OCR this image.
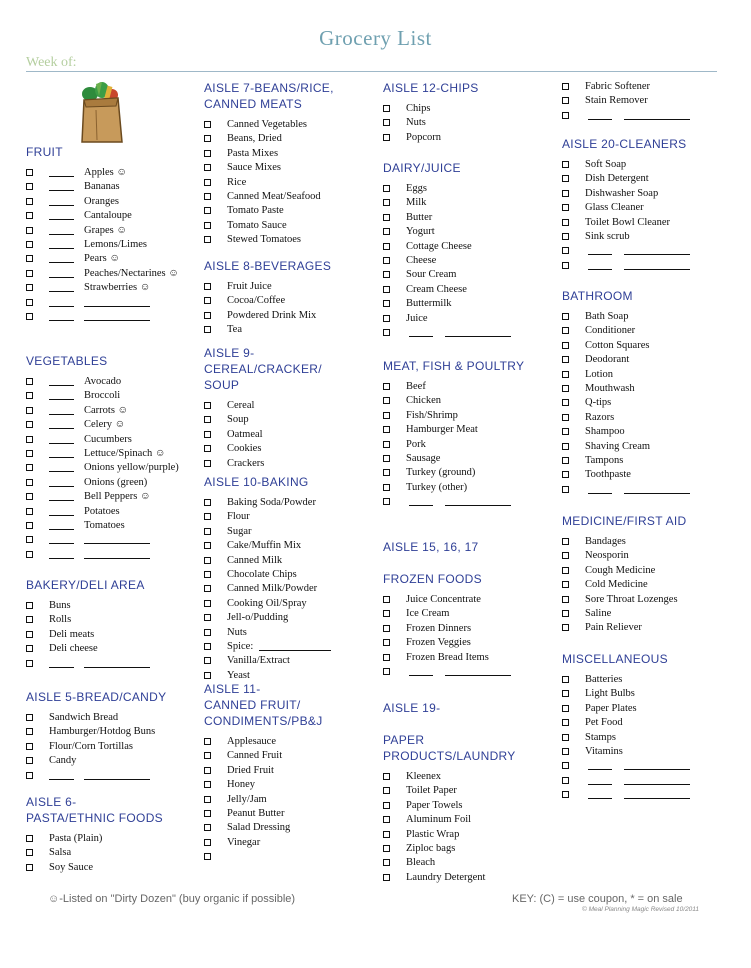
Grocery List
Week of:
FRUIT
Apples ☺
Bananas
Oranges
Cantaloupe
Grapes ☺
Lemons/Limes
Pears ☺
Peaches/Nectarines ☺
Strawberries ☺
VEGETABLES
Avocado
Broccoli
Carrots ☺
Celery ☺
Cucumbers
Lettuce/Spinach ☺
Onions yellow/purple)
Onions (green)
Bell Peppers ☺
Potatoes
Tomatoes
BAKERY/DELI AREA
Buns
Rolls
Deli meats
Deli cheese
AISLE 5-BREAD/CANDY
Sandwich Bread
Hamburger/Hotdog Buns
Flour/Corn Tortillas
Candy
AISLE 6-
PASTA/ETHNIC FOODS
Pasta (Plain)
Salsa
Soy Sauce
AISLE 7-BEANS/RICE,
CANNED MEATS
Canned Vegetables
Beans, Dried
Pasta Mixes
Sauce Mixes
Rice
Canned Meat/Seafood
Tomato Paste
Tomato Sauce
Stewed Tomatoes
AISLE 8-BEVERAGES
Fruit Juice
Cocoa/Coffee
Powdered Drink Mix
Tea
AISLE 9-
CEREAL/CRACKER/
SOUP
Cereal
Soup
Oatmeal
Cookies
Crackers
AISLE 10-BAKING
Baking Soda/Powder
Flour
Sugar
Cake/Muffin Mix
Canned Milk
Chocolate Chips
Canned Milk/Powder
Cooking Oil/Spray
Jell-o/Pudding
Nuts
Spice:
Vanilla/Extract
Yeast
AISLE 11-
CANNED FRUIT/
CONDIMENTS/PB&J
Applesauce
Canned Fruit
Dried Fruit
Honey
Jelly/Jam
Peanut Butter
Salad Dressing
Vinegar
AISLE 12-CHIPS
Chips
Nuts
Popcorn
DAIRY/JUICE
Eggs
Milk
Butter
Yogurt
Cottage Cheese
Cheese
Sour Cream
Cream Cheese
Buttermilk
Juice
MEAT, FISH & POULTRY
Beef
Chicken
Fish/Shrimp
Hamburger Meat
Pork
Sausage
Turkey (ground)
Turkey (other)
AISLE 15, 16, 17
FROZEN FOODS
Juice Concentrate
Ice Cream
Frozen Dinners
Frozen Veggies
Frozen Bread Items
AISLE 19-
PAPER
PRODUCTS/LAUNDRY
Kleenex
Toilet Paper
Paper Towels
Aluminum Foil
Plastic Wrap
Ziploc bags
Bleach
Laundry Detergent
Fabric Softener
Stain Remover
AISLE 20-CLEANERS
Soft Soap
Dish Detergent
Dishwasher Soap
Glass Cleaner
Toilet Bowl Cleaner
Sink scrub
BATHROOM
Bath Soap
Conditioner
Cotton Squares
Deodorant
Lotion
Mouthwash
Q-tips
Razors
Shampoo
Shaving Cream
Tampons
Toothpaste
MEDICINE/FIRST AID
Bandages
Neosporin
Cough Medicine
Cold Medicine
Sore Throat Lozenges
Saline
Pain Reliever
MISCELLANEOUS
Batteries
Light Bulbs
Paper Plates
Pet Food
Stamps
Vitamins
☺-Listed on "Dirty Dozen" (buy organic if possible)	KEY: (C) = use coupon, * = on sale
© Meal Planning Magic Revised 10/2011
